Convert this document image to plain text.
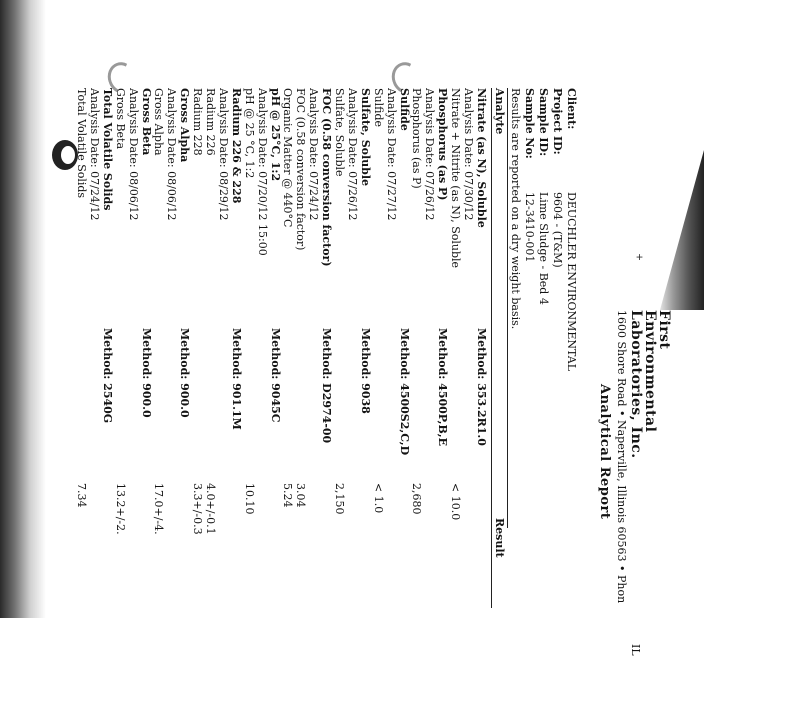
+
First
Environmental
Laboratories, Inc.
1600 Shore Road • Naperville, Illinois 60563 • Phon
IL
Analytical Report
Client:
DEUCHLER ENVIRONMENTAL
Project ID:
9604 - (T&M)
Sample ID:
Lime Sludge - Bed 4
Sample No:
12-3410-001
Results are reported on a dry weight basis.
Analyte
Result
Nitrate (as N), Soluble
Method: 353.2R1.0
Analysis Date: 07/30/12
Nitrate + Nitrite (as N), Soluble
< 10.0
Phosphorus (as P)
Method: 4500P,B,E
Analysis Date: 07/26/12
Phosphorus (as P)
2,680
Sulfide
Method: 4500S2,C,D
Analysis Date: 07/27/12
Sulfide
< 1.0
Sulfate, Soluble
Method: 9038
Analysis Date: 07/26/12
Sulfate, Soluble
2,150
FOC (0.58 conversion factor)
Method: D2974-00
Analysis Date: 07/24/12
FOC (0.58 conversion factor)
3.04
Organic Matter @ 440°C
5.24
pH @ 25°C, 1:2
Method: 9045C
Analysis Date: 07/20/12 15:00
pH @ 25 °C, 1:2
10.10
Radium 226 & 228
Method: 901.1M
Analysis Date: 08/29/12
Radium 226
4.0+/-0.1
Radium 228
3.3+/-0.3
Gross Alpha
Method: 900.0
Analysis Date: 08/06/12
Gross Alpha
17.0+/-4.
Gross Beta
Method: 900.0
Analysis Date: 08/06/12
Gross Beta
13.2+/-2.
Total Volatile Solids
Method: 2540G
Analysis Date: 07/24/12
Total Volatile Solids
7.34
